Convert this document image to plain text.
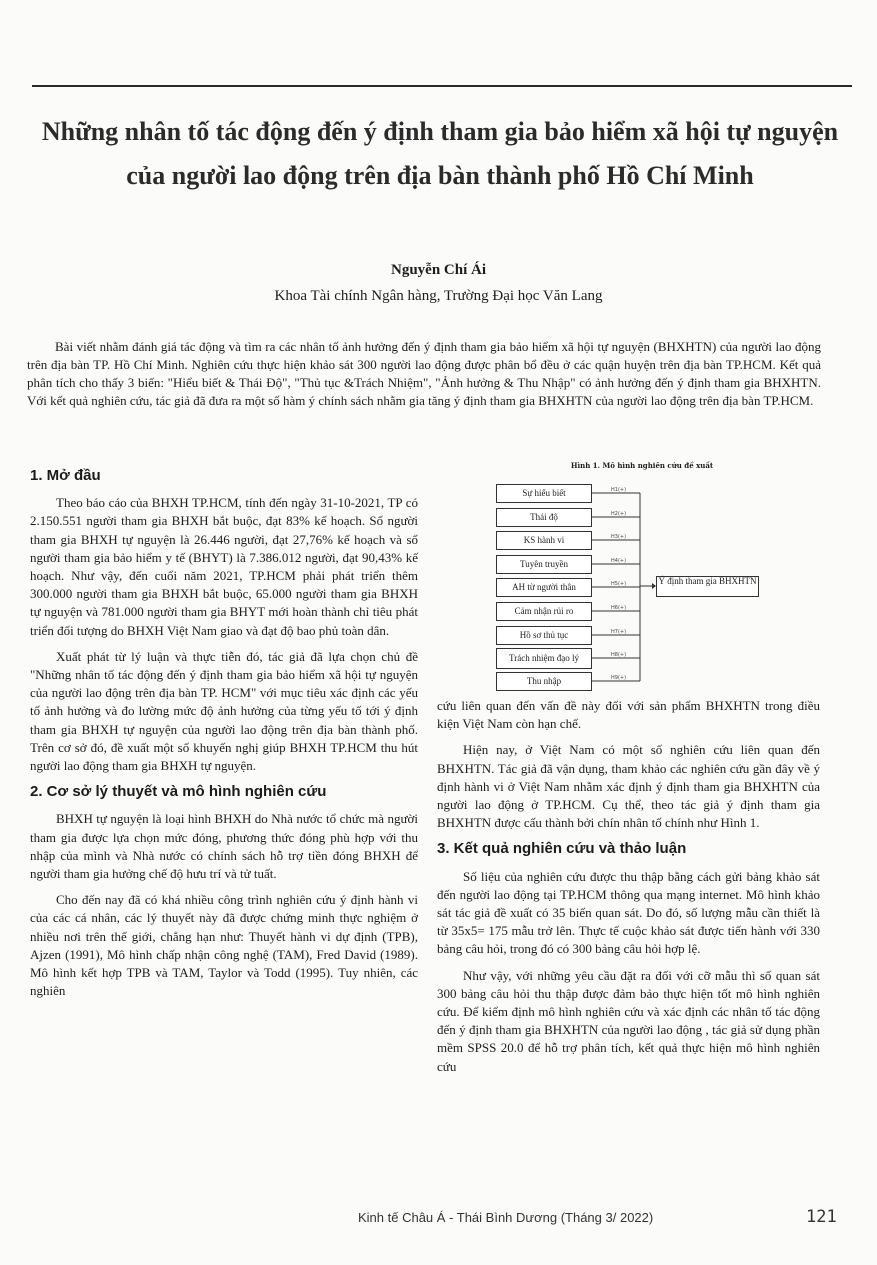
Những nhân tố tác động đến ý định tham gia bảo hiểm xã hội tự nguyện của người lao động trên địa bàn thành phố Hồ Chí Minh
Nguyễn Chí Ái
Khoa Tài chính Ngân hàng, Trường Đại học Văn Lang

Bài viết nhằm đánh giá tác động và tìm ra các nhân tố ảnh hưởng đến ý định tham gia bảo hiểm xã hội tự nguyện (BHXHTN) của người lao động trên địa bàn TP. Hồ Chí Minh. Nghiên cứu thực hiện khảo sát 300 người lao động được phân bổ đều ở các quận huyện trên địa bàn TP.HCM. Kết quả phân tích cho thấy 3 biến: "Hiểu biết & Thái Độ", "Thủ tục &Trách Nhiệm", "Ảnh hưởng & Thu Nhập" có ảnh hưởng đến ý định tham gia BHXHTN. Với kết quả nghiên cứu, tác giả đã đưa ra một số hàm ý chính sách nhằm gia tăng ý định tham gia BHXHTN của người lao động trên địa bàn TP.HCM.

1. Mở đầu

Theo báo cáo của BHXH TP.HCM, tính đến ngày 31-10-2021, TP có 2.150.551 người tham gia BHXH bắt buộc, đạt 83% kế hoạch. Số người tham gia BHXH tự nguyện là 26.446 người, đạt 27,76% kế hoạch và số người tham gia bảo hiểm y tế (BHYT) là 7.386.012 người, đạt 90,43% kế hoạch. Như vậy, đến cuối năm 2021, TP.HCM phải phát triển thêm 300.000 người tham gia BHXH bắt buộc, 65.000 người tham gia BHXH tự nguyện và 781.000 người tham gia BHYT mới hoàn thành chỉ tiêu phát triển đối tượng do BHXH Việt Nam giao và đạt độ bao phủ toàn dân.

Xuất phát từ lý luận và thực tiễn đó, tác giả đã lựa chọn chủ đề "Những nhân tố tác động đến ý định tham gia bảo hiểm xã hội tự nguyện của người lao động trên địa bàn TP. HCM" với mục tiêu xác định các yếu tố ảnh hưởng và đo lường mức độ ảnh hưởng của từng yếu tố tới ý định tham gia BHXH tự nguyện của người lao động trên địa bàn thành phố. Trên cơ sở đó, đề xuất một số khuyến nghị giúp BHXH TP.HCM thu hút người lao động tham gia BHXH tự nguyện.

2. Cơ sở lý thuyết và mô hình nghiên cứu

BHXH tự nguyện là loại hình BHXH do Nhà nước tổ chức mà người tham gia được lựa chọn mức đóng, phương thức đóng phù hợp với thu nhập của mình và Nhà nước có chính sách hỗ trợ tiền đóng BHXH để người tham gia hưởng chế độ hưu trí và tử tuất.

Cho đến nay đã có khá nhiều công trình nghiên cứu ý định hành vi của các cá nhân, các lý thuyết này đã được chứng minh thực nghiệm ở nhiều nơi trên thế giới, chẳng hạn như: Thuyết hành vi dự định (TPB), Ajzen (1991), Mô hình chấp nhận công nghệ (TAM), Fred David (1989). Mô hình kết hợp TPB và TAM, Taylor và Todd (1995). Tuy nhiên, các nghiên

Hình 1. Mô hình nghiên cứu đề xuất
Sự hiểu biết
Thái độ
KS hành vi
Tuyên truyền
AH từ người thân
Cảm nhận rủi ro
Hồ sơ thủ tục
Trách nhiệm đạo lý
Thu nhập
H1(+)
H2(+)
H3(+)
H4(+)
H5(+)
H6(+)
H7(+)
H8(+)
H9(+)
Ý định tham gia BHXHTN

cứu liên quan đến vấn đề này đối với sản phẩm BHXHTN trong điều kiện Việt Nam còn hạn chế.

Hiện nay, ở Việt Nam có một số nghiên cứu liên quan đến BHXHTN. Tác giả đã vận dụng, tham khảo các nghiên cứu gần đây về ý định hành vi ở Việt Nam nhằm xác định ý định tham gia BHXHTN của người lao động ở TP.HCM. Cụ thể, theo tác giả ý định tham gia BHXHTN được cấu thành bởi chín nhân tố chính như Hình 1.

3. Kết quả nghiên cứu và thảo luận

Số liệu của nghiên cứu được thu thập bằng cách gửi bảng khảo sát đến người lao động tại TP.HCM thông qua mạng internet. Mô hình khảo sát tác giả đề xuất có 35 biến quan sát. Do đó, số lượng mẫu cần thiết là từ 35x5= 175 mẫu trở lên. Thực tế cuộc khảo sát được tiến hành với 330 bảng câu hỏi, trong đó có 300 bảng câu hỏi hợp lệ.

Như vậy, với những yêu cầu đặt ra đối với cỡ mẫu thì số quan sát 300 bảng câu hỏi thu thập được đảm bảo thực hiện tốt mô hình nghiên cứu. Để kiểm định mô hình nghiên cứu và xác định các nhân tố tác động đến ý định tham gia BHXHTN của người lao động , tác giả sử dụng phần mềm SPSS 20.0 để hỗ trợ phân tích, kết quả thực hiện mô hình nghiên cứu

Kinh tế Châu Á - Thái Bình Dương (Tháng 3/ 2022)	121
